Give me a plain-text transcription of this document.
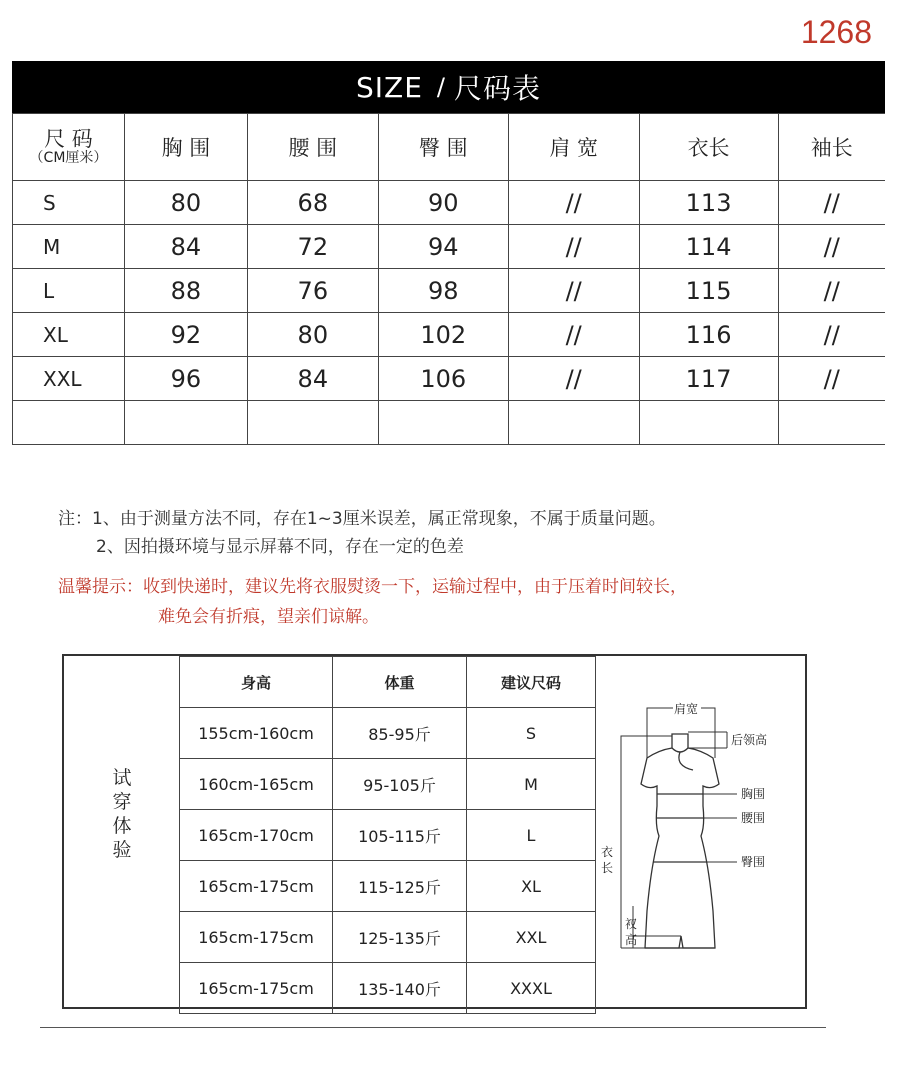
1268
SIZE / 尺码表
尺 码
（CM厘米）	胸 围	腰 围	臀 围	肩 宽	衣长	袖长
S	80	68	90	//	113	//
M	84	72	94	//	114	//
L	88	76	98	//	115	//
XL	92	80	102	//	116	//
XXL	96	84	106	//	117	//

注：1、由于测量方法不同，存在1~3厘米误差，属正常现象，不属于质量问题。
2、因拍摄环境与显示屏幕不同，存在一定的色差
温馨提示：收到快递时，建议先将衣服熨烫一下，运输过程中，由于压着时间较长，
难免会有折痕，望亲们谅解。
试
穿
体
验
身高	体重	建议尺码
155cm-160cm	85-95斤	S
160cm-165cm	95-105斤	M
165cm-170cm	105-115斤	L
165cm-175cm	115-125斤	XL
165cm-175cm	125-135斤	XXL
165cm-175cm	135-140斤	XXXL
肩宽
后领高
胸围
腰围
臀围
衣
长
衩
高
